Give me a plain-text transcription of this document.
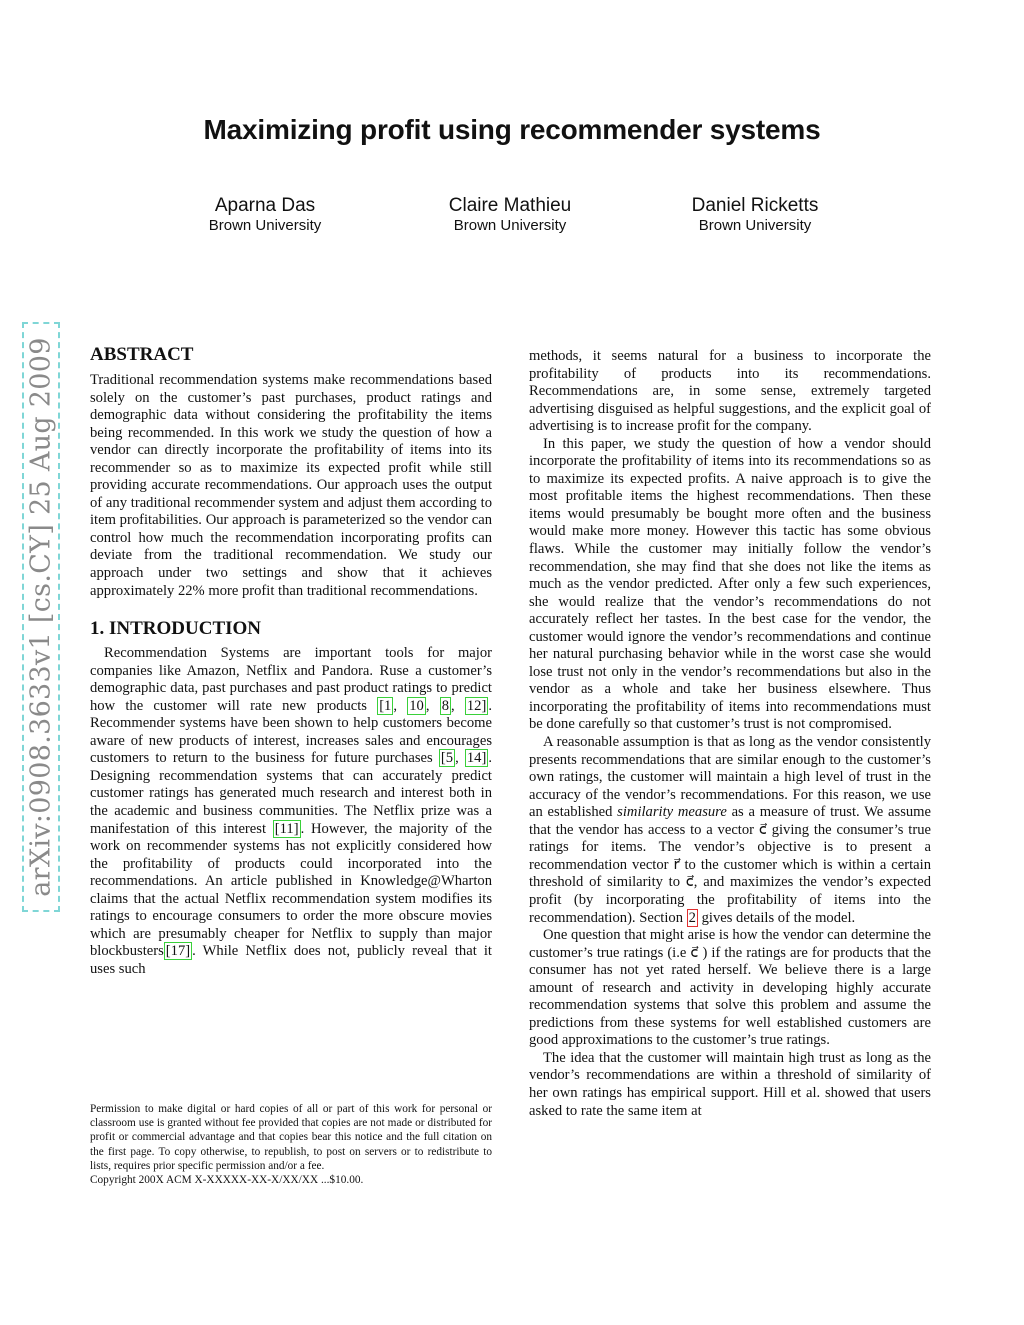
Maximizing profit using recommender systems
Aparna Das
Brown University
Claire Mathieu
Brown University
Daniel Ricketts
Brown University
arXiv:0908.3633v1 [cs.CY] 25 Aug 2009 ABSTRACT

Traditional recommendation systems make recommendations based solely on the customer’s past purchases, product ratings and demographic data without considering the profitability the items being recommended. In this work we study the question of how a vendor can directly incorporate the profitability of items into its recommender so as to maximize its expected profit while still providing accurate recommendations. Our approach uses the output of any traditional recommender system and adjust them according to item profitabilities. Our approach is parameterized so the vendor can control how much the recommendation incorporating profits can deviate from the traditional recommendation. We study our approach under two settings and show that it achieves approximately 22% more profit than traditional recommendations.

1. INTRODUCTION

Recommendation Systems are important tools for major companies like Amazon, Netflix and Pandora. Ruse a customer’s demographic data, past purchases and past product ratings to predict how the customer will rate new products [1 , 10 , 8 , 12] . Recommender systems have been shown to help customers become aware of new products of interest, increases sales and encourages customers to return to the business for future purchases [5 , 14] . Designing recommendation systems that can accurately predict customer ratings has generated much research and interest both in the academic and business communities. The Netflix prize was a manifestation of this interest [11] . However, the majority of the work on recommender systems has not explicitly considered how the profitability of products could incorporated into the recommendations. An article published in Knowledge@Wharton claims that the actual Netflix recommendation system modifies its ratings to encourage consumers to order the more obscure movies which are presumably cheaper for Netflix to supply than major blockbusters [17] . While Netflix does not, publicly reveal that it uses such

Permission to make digital or hard copies of all or part of this work for personal or classroom use is granted without fee provided that copies are not made or distributed for profit or commercial advantage and that copies bear this notice and the full citation on the first page. To copy otherwise, to republish, to post on servers or to redistribute to lists, requires prior specific permission and/or a fee.

Copyright 200X ACM X-XXXXX-XX-X/XX/XX ...$10.00.

methods, it seems natural for a business to incorporate the profitability of products into its recommendations. Recommendations are, in some sense, extremely targeted advertising disguised as helpful suggestions, and the explicit goal of advertising is to increase profit for the company.

In this paper, we study the question of how a vendor should incorporate the profitability of items into its recommendations so as to maximize its expected profits. A naive approach is to give the most profitable items the highest recommendations. Then these items would presumably be bought more often and the business would make more money. However this tactic has some obvious flaws. While the customer may initially follow the vendor’s recommendation, she may find that she does not like the items as much as the vendor predicted. After only a few such experiences, she would realize that the vendor’s recommendations do not accurately reflect her tastes. In the best case for the vendor, the customer would ignore the vendor’s recommendations and continue her natural purchasing behavior while in the worst case she would lose trust not only in the vendor’s recommendations but also in the vendor as a whole and take her business elsewhere. Thus incorporating the profitability of items into recommendations must be done carefully so that customer’s trust is not compromised.

A reasonable assumption is that as long as the vendor consistently presents recommendations that are similar enough to the customer’s own ratings, the customer will maintain a high level of trust in the accuracy of the vendor’s recommendations. For this reason, we use an established similarity measure as a measure of trust. We assume that the vendor has access to a vector c⃗ giving the consumer’s true ratings for items. The vendor’s objective is to present a recommendation vector r⃗ to the customer which is within a certain threshold of similarity to c⃗, and maximizes the vendor’s expected profit (by incorporating the profitability of items into the recommendation). Section 2 gives details of the model.

One question that might arise is how the vendor can determine the customer’s true ratings (i.e c⃗ ) if the ratings are for products that the consumer has not yet rated herself. We believe there is a large amount of research and activity in developing highly accurate recommendation systems that solve this problem and assume the predictions from these systems for well established customers are good approximations to the customer’s true ratings.

The idea that the customer will maintain high trust as long as the vendor’s recommendations are within a threshold of similarity of her own ratings has empirical support. Hill et al. showed that users asked to rate the same item at
